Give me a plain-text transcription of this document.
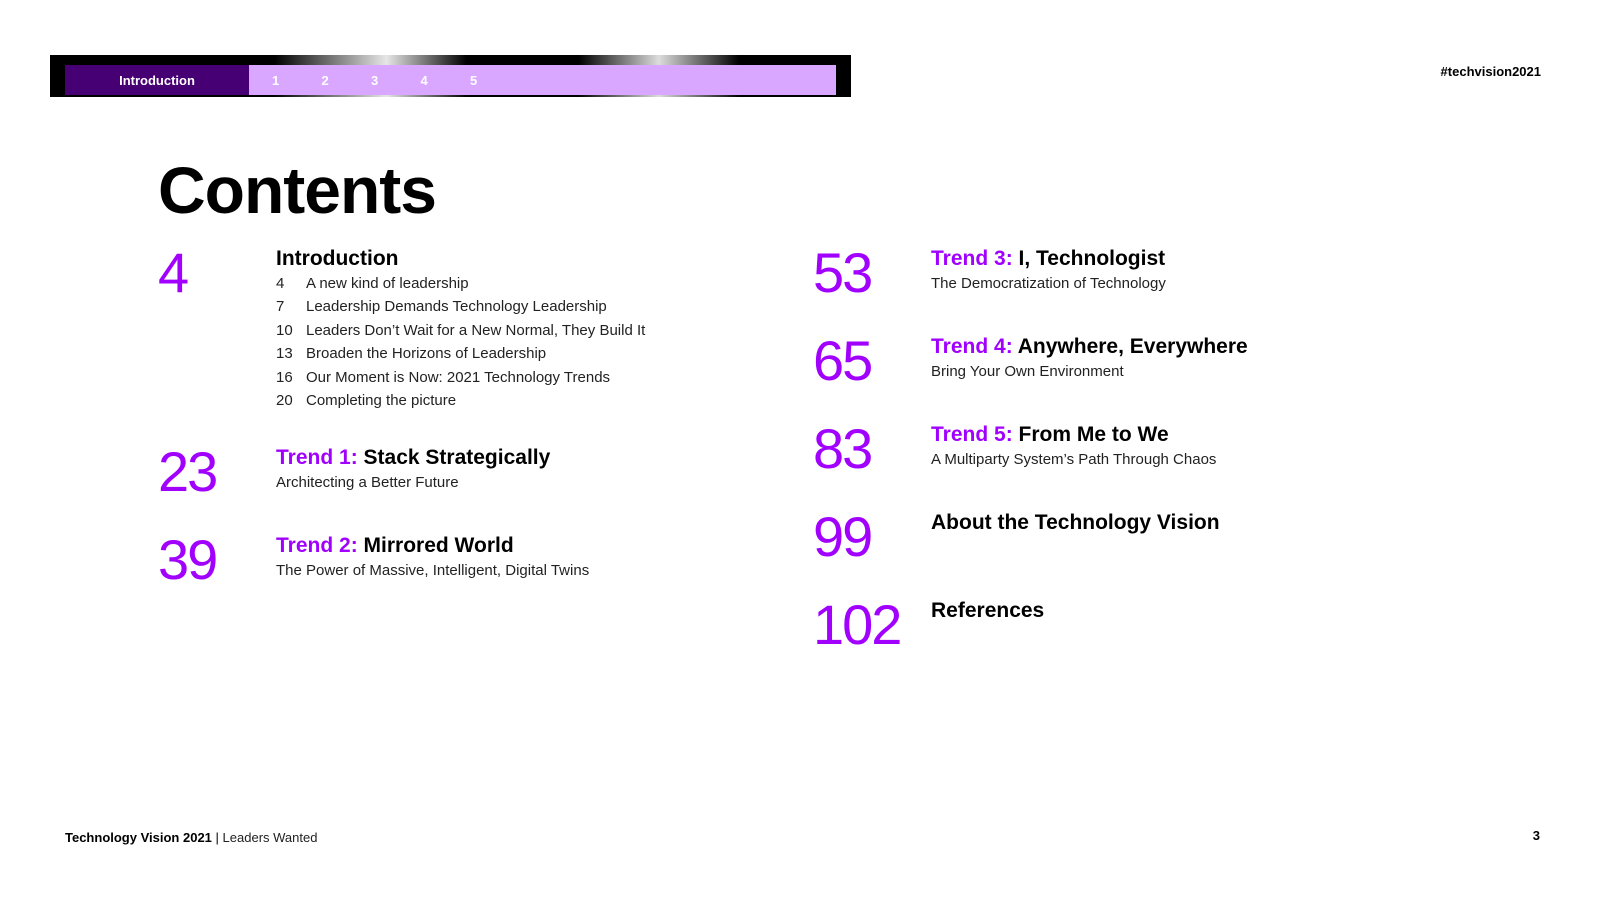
Introduction	1	2	3	4	5
#techvision2021
Contents
4	Introduction
4	A new kind of leadership
7	Leadership Demands Technology Leadership
10 Leaders Don’t Wait for a New Normal, They Build It
13 Broaden the Horizons of Leadership
16 Our Moment is Now: 2021 Technology Trends
20 Completing the picture
23	Trend 1: Stack Strategically
Architecting a Better Future
39	Trend 2: Mirrored World
The Power of Massive, Intelligent, Digital Twins
53	Trend 3: I, Technologist
The Democratization of Technology
65	Trend 4: Anywhere, Everywhere
Bring Your Own Environment
83	Trend 5: From Me to We
A Multiparty System’s Path Through Chaos
99	About the Technology Vision
102 References
Technology Vision 2021 | Leaders Wanted	3
